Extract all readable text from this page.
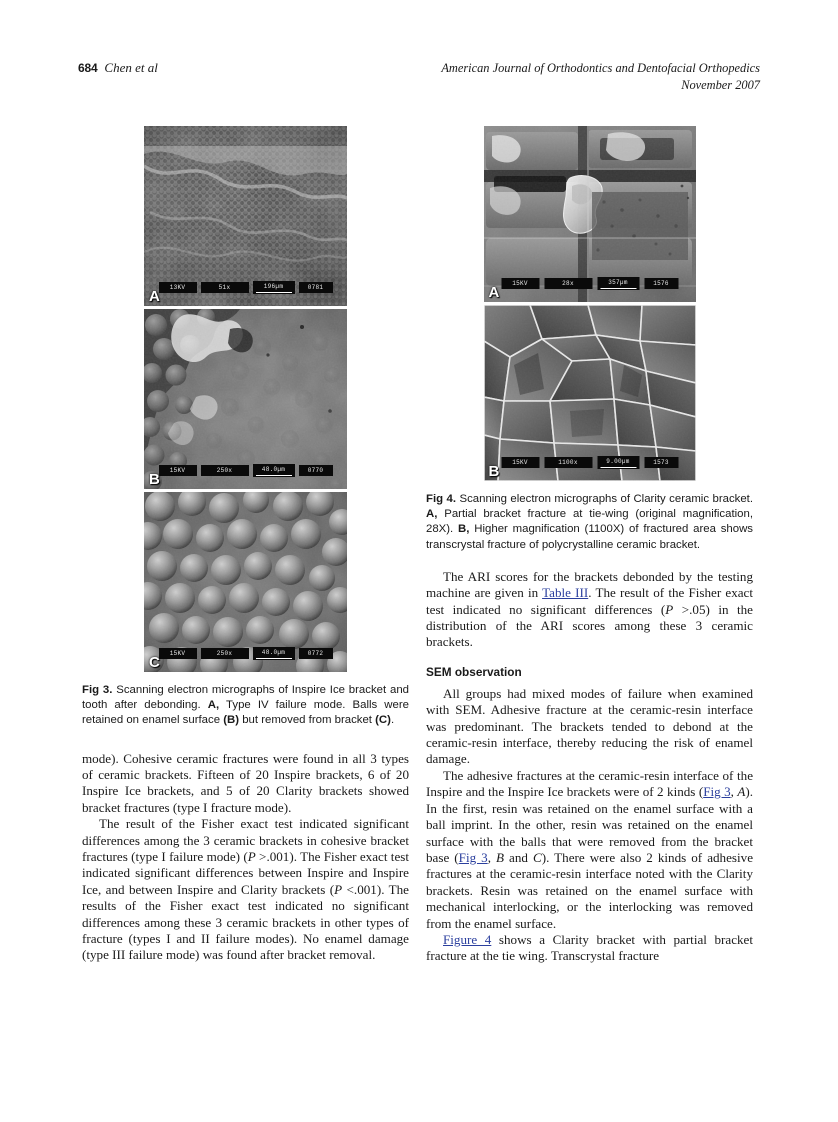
684 Chen et al	American Journal of Orthodontics and Dentofacial Orthopedics
November 2007
A
13KV	51x	196µm	0781
B
15KV	250x	48.0µm	0770
C
15KV	250x	48.0µm	0772

Fig 3. Scanning electron micrographs of Inspire Ice bracket and tooth after debonding. A, Type IV failure mode. Balls were retained on enamel surface (B) but removed from bracket (C).

mode). Cohesive ceramic fractures were found in all 3 types of ceramic brackets. Fifteen of 20 Inspire brackets, 6 of 20 Inspire Ice brackets, and 5 of 20 Clarity brackets showed bracket fractures (type I fracture mode).

The result of the Fisher exact test indicated significant differences among the 3 ceramic brackets in cohesive bracket fractures (type I failure mode) (P >.001). The Fisher exact test indicated significant differences between Inspire and Inspire Ice, and between Inspire and Clarity brackets (P <.001). The results of the Fisher exact test indicated no significant differences among these 3 ceramic brackets in other types of fracture (types I and II failure modes). No enamel damage (type III failure mode) was found after bracket removal.

A
15KV	28x	357µm	1576
B
15KV	1100x	9.00µm	1573

Fig 4. Scanning electron micrographs of Clarity ceramic bracket. A, Partial bracket fracture at tie-wing (original magnification, 28X). B, Higher magnification (1100X) of fractured area shows transcrystal fracture of polycrystalline ceramic bracket.

The ARI scores for the brackets debonded by the testing machine are given in Table III. The result of the Fisher exact test indicated no significant differences (P >.05) in the distribution of the ARI scores among these 3 ceramic brackets.

SEM observation

All groups had mixed modes of failure when examined with SEM. Adhesive fracture at the ceramic-resin interface was predominant. The brackets tended to debond at the ceramic-resin interface, thereby reducing the risk of enamel damage.

The adhesive fractures at the ceramic-resin interface of the Inspire and the Inspire Ice brackets were of 2 kinds (Fig 3, A). In the first, resin was retained on the enamel surface with a ball imprint. In the other, resin was retained on the enamel surface with the balls that were removed from the bracket base (Fig 3, B and C). There were also 2 kinds of adhesive fractures at the ceramic-resin interface noted with the Clarity brackets. Resin was retained on the enamel surface with mechanical interlocking, or the interlocking was removed from the enamel surface.

Figure 4 shows a Clarity bracket with partial bracket fracture at the tie wing. Transcrystal fracture
